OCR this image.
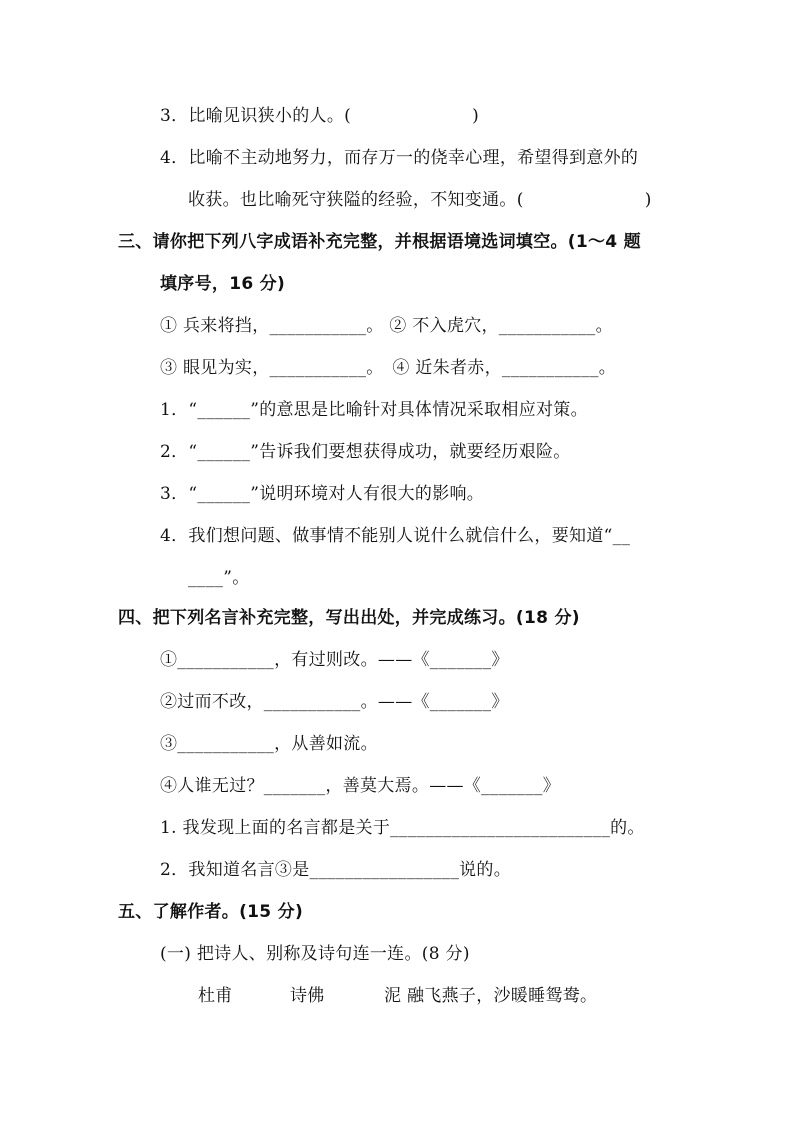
3．比喻见识狭小的人。(　　　　　　　)
4．比喻不主动地努力，而存万一的侥幸心理，希望得到意外的
收获。也比喻死守狭隘的经验，不知变通。(　　　　　　　)
三、请你把下列八字成语补充完整，并根据语境选词填空。(1～4 题
填序号，16 分)
① 兵来将挡，___________。 ② 不入虎穴，___________。
③ 眼见为实，___________。　④ 近朱者赤，___________。
1．“______”的意思是比喻针对具体情况采取相应对策。
2．“______”告诉我们要想获得成功，就要经历艰险。
3．“______”说明环境对人有很大的影响。
4．我们想问题、做事情不能别人说什么就信什么，要知道“__
____”。
四、把下列名言补充完整，写出出处，并完成练习。(18 分)
①___________，有过则改。——《_______》
②过而不改，___________。——《_______》
③___________，从善如流。
④人谁无过？_______，善莫大焉。——《_______》
1. 我发现上面的名言都是关于_________________________的。
2．我知道名言③是_________________说的。
五、了解作者。(15 分)
(一) 把诗人、别称及诗句连一连。(8 分)
杜甫	诗佛	泥 融飞燕子，沙暖睡鸳鸯。
